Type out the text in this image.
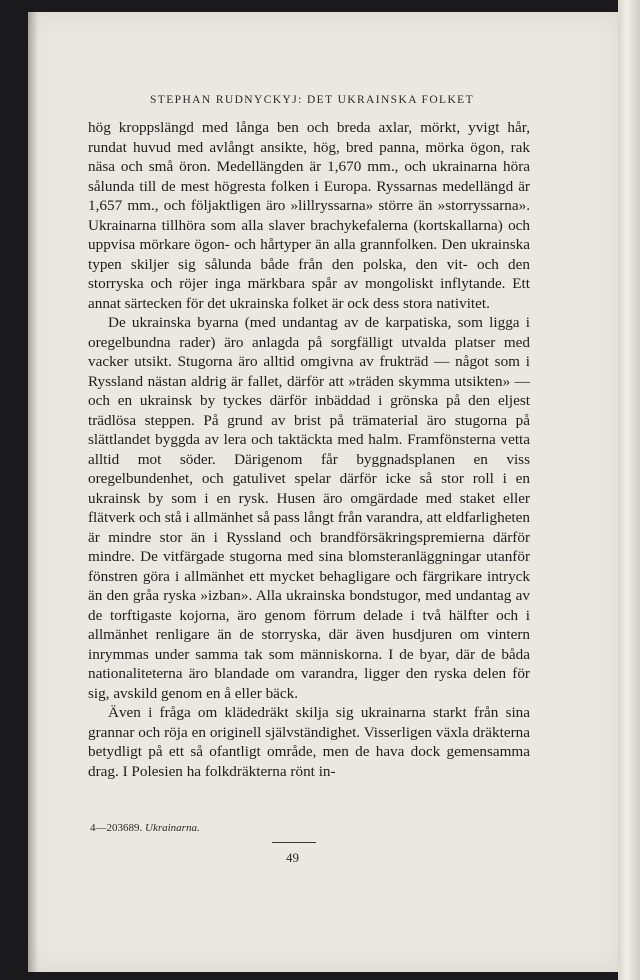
STEPHAN RUDNYCKYJ: DET UKRAINSKA FOLKET

hög kroppslängd med långa ben och breda axlar, mörkt, yvigt hår, rundat huvud med avlångt ansikte, hög, bred panna, mörka ögon, rak näsa och små öron. Medellängden är 1,670 mm., och ukrainarna höra sålunda till de mest högresta folken i Europa. Ryssarnas medellängd är 1,657 mm., och följaktligen äro »lillryssarna» större än »storryssarna». Ukrainarna tillhöra som alla slaver brachykefalerna (kortskallarna) och uppvisa mörkare ögon- och hårtyper än alla grannfolken. Den ukrainska typen skiljer sig sålunda både från den polska, den vit- och den storryska och röjer inga märkbara spår av mongoliskt inflytande. Ett annat särtecken för det ukrainska folket är ock dess stora nativitet.

De ukrainska byarna (med undantag av de karpatiska, som ligga i oregelbundna rader) äro anlagda på sorgfälligt utvalda platser med vacker utsikt. Stugorna äro alltid omgivna av frukträd — något som i Ryssland nästan aldrig är fallet, därför att »träden skymma utsikten» — och en ukrainsk by tyckes därför inbäddad i grönska på den eljest trädlösa steppen. På grund av brist på trämaterial äro stugorna på slättlandet byggda av lera och taktäckta med halm. Framfönsterna vetta alltid mot söder. Därigenom får byggnadsplanen en viss oregelbundenhet, och gatulivet spelar därför icke så stor roll i en ukrainsk by som i en rysk. Husen äro omgärdade med staket eller flätverk och stå i allmänhet så pass långt från varandra, att eldfarligheten är mindre stor än i Ryssland och brandförsäkringspremierna därför mindre. De vitfärgade stugorna med sina blomsteranläggningar utanför fönstren göra i allmänhet ett mycket behagligare och färgrikare intryck än den gråa ryska »izban». Alla ukrainska bondstugor, med undantag av de torftigaste kojorna, äro genom förrum delade i två hälfter och i allmänhet renligare än de storryska, där även husdjuren om vintern inrymmas under samma tak som människorna. I de byar, där de båda nationaliteterna äro blandade om varandra, ligger den ryska delen för sig, avskild genom en å eller bäck.

Även i fråga om klädedräkt skilja sig ukrainarna starkt från sina grannar och röja en originell självständighet. Visserligen växla dräkterna betydligt på ett så ofantligt område, men de hava dock gemensamma drag. I Polesien ha folkdräkterna rönt in-

4—203689. Ukrainarna.
49
